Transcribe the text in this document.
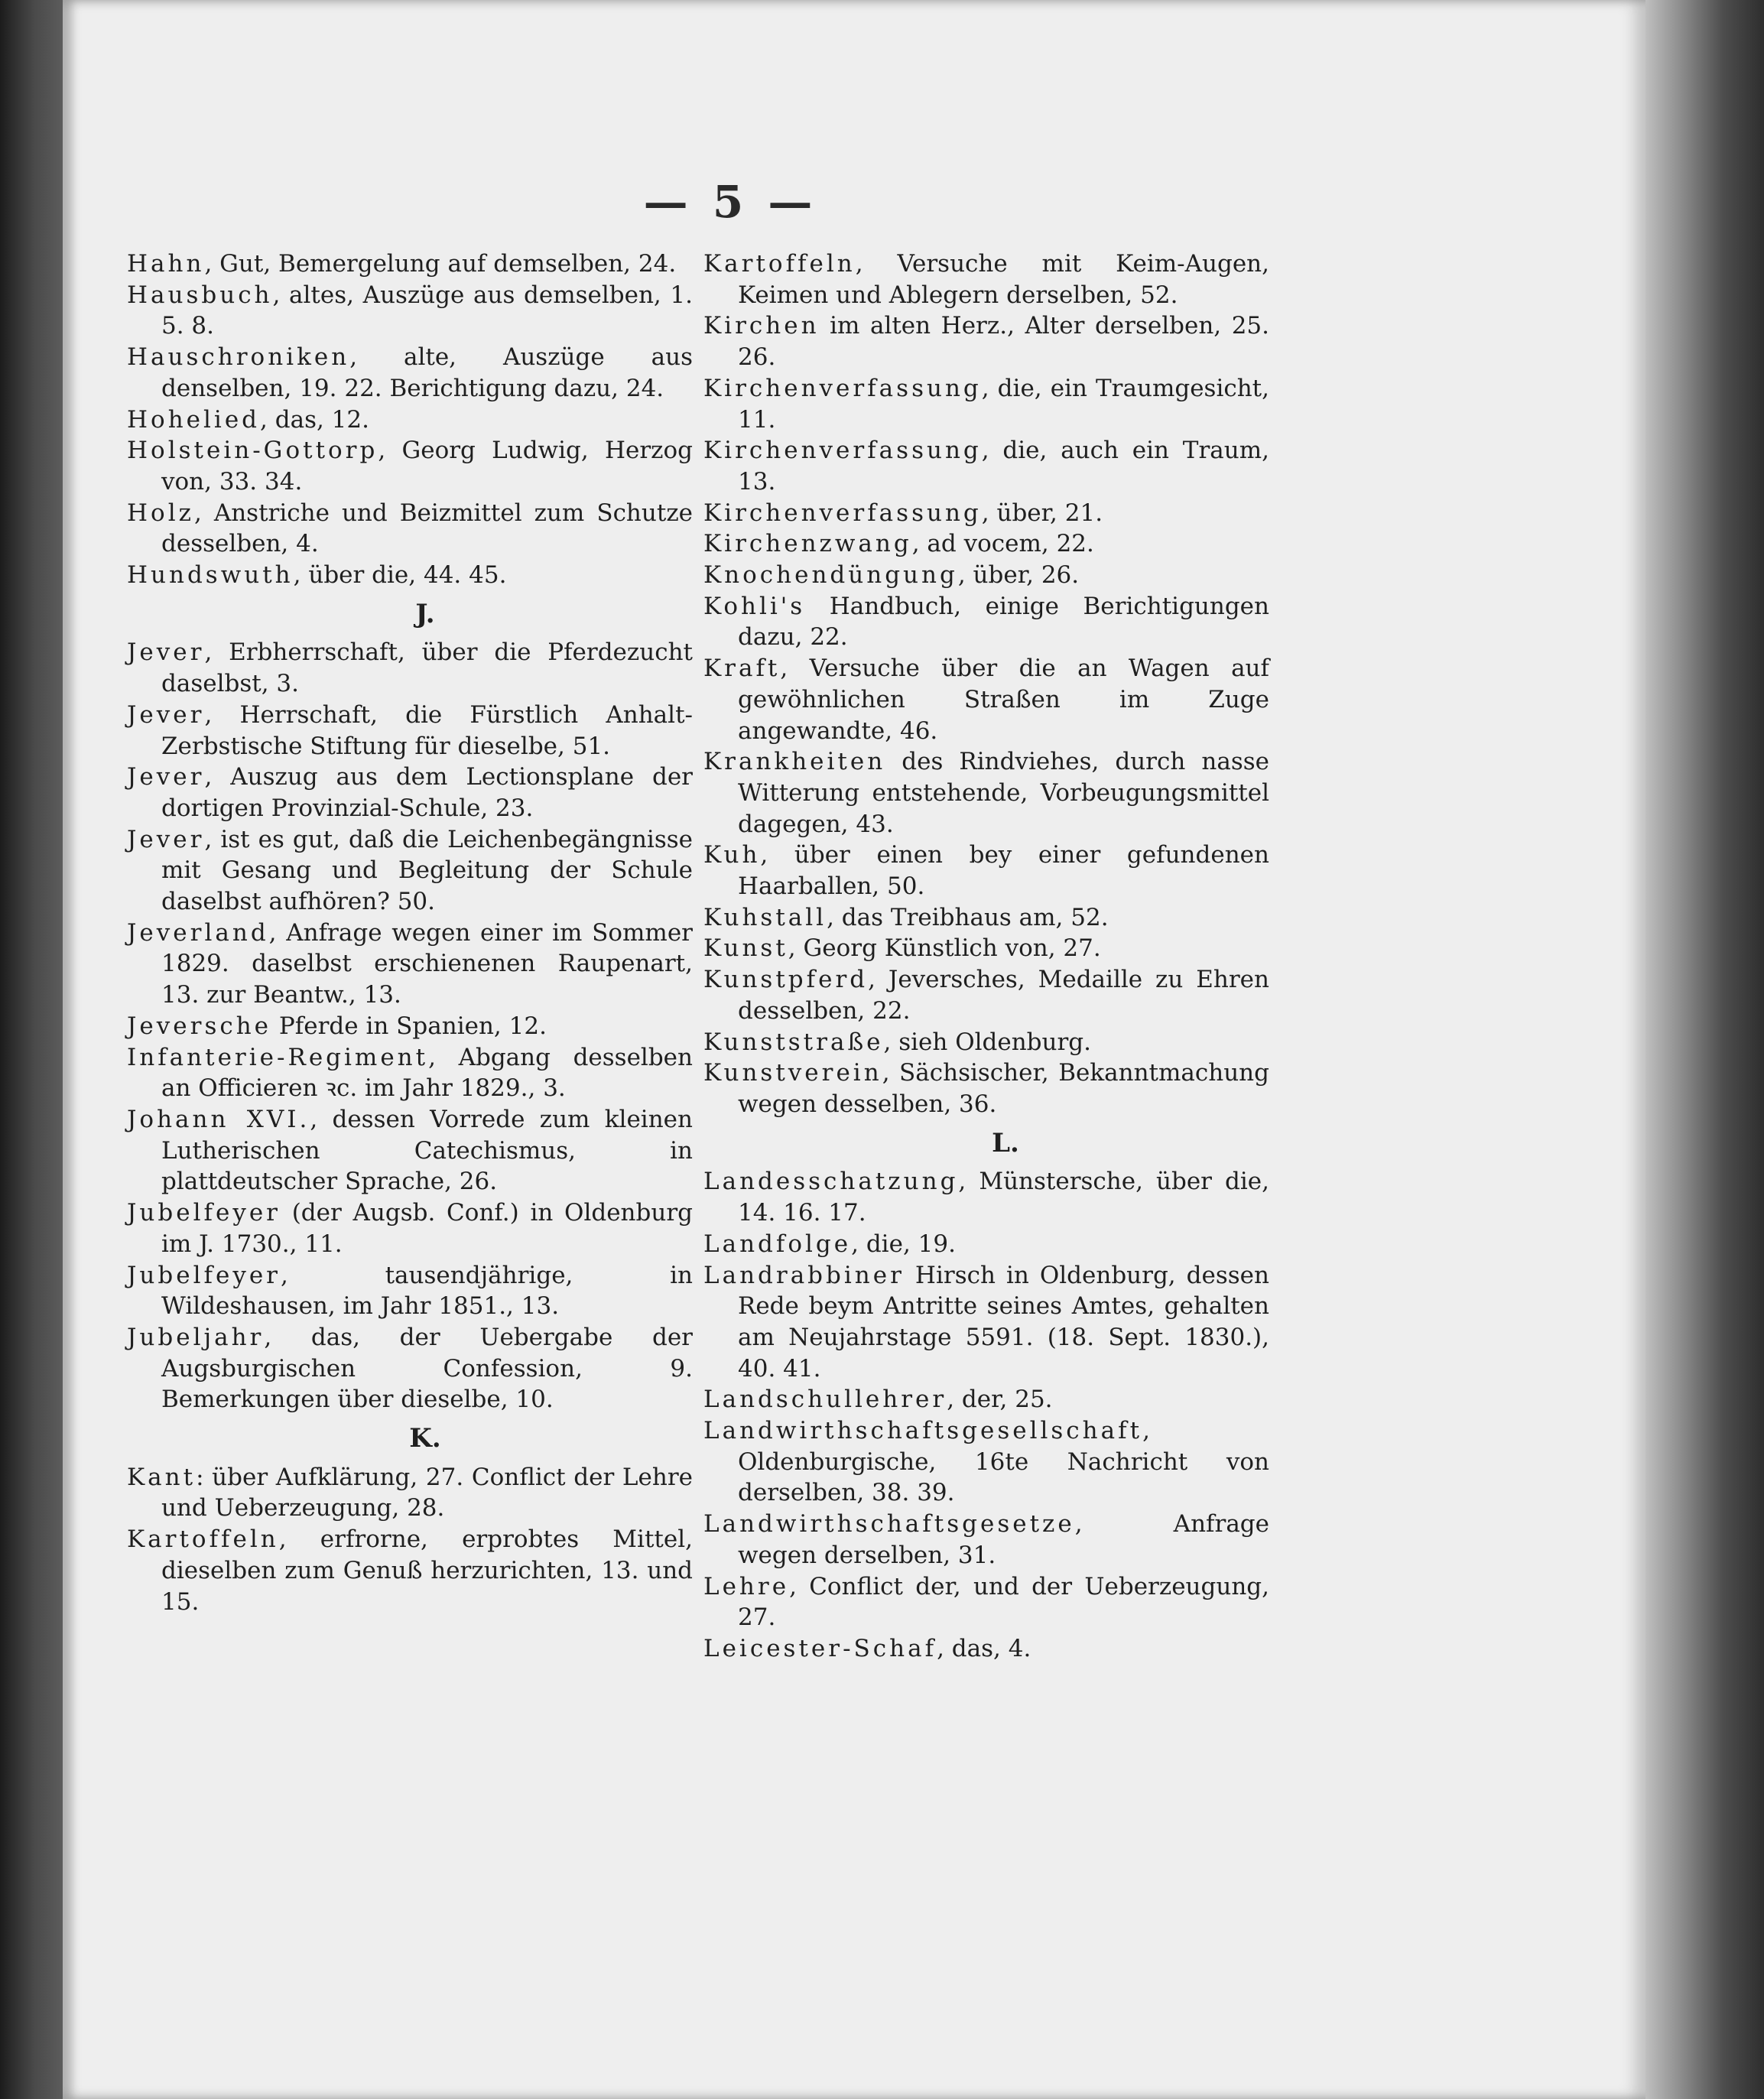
— 5 —
Hahn, Gut, Bemergelung auf demselben, 24.
Hausbuch, altes, Auszüge aus demselben, 1. 5. 8.
Hauschroniken, alte, Auszüge aus denselben, 19. 22. Berichtigung dazu, 24.
Hohelied, das, 12.
Holstein-Gottorp, Georg Ludwig, Herzog von, 33. 34.
Holz, Anstriche und Beizmittel zum Schutze desselben, 4.
Hundswuth, über die, 44. 45.
J.
Jever, Erbherrschaft, über die Pferdezucht daselbst, 3.
Jever, Herrschaft, die Fürstlich Anhalt-Zerbstische Stiftung für dieselbe, 51.
Jever, Auszug aus dem Lectionsplane der dortigen Provinzial-Schule, 23.
Jever, ist es gut, daß die Leichenbegängnisse mit Gesang und Begleitung der Schule daselbst aufhören? 50.
Jeverland, Anfrage wegen einer im Sommer 1829. daselbst erschienenen Raupenart, 13. zur Beantw., 13.
Jeversche Pferde in Spanien, 12.
Infanterie-Regiment, Abgang desselben an Officieren ꝛc. im Jahr 1829., 3.
Johann XVI., dessen Vorrede zum kleinen Lutherischen Catechismus, in plattdeutscher Sprache, 26.
Jubelfeyer (der Augsb. Conf.) in Oldenburg im J. 1730., 11.
Jubelfeyer, tausendjährige, in Wildeshausen, im Jahr 1851., 13.
Jubeljahr, das, der Uebergabe der Augsburgischen Confession, 9. Bemerkungen über dieselbe, 10.
K.
Kant: über Aufklärung, 27. Conflict der Lehre und Ueberzeugung, 28.
Kartoffeln, erfrorne, erprobtes Mittel, dieselben zum Genuß herzurichten, 13. und 15.
Kartoffeln, Versuche mit Keim-Augen, Keimen und Ablegern derselben, 52.
Kirchen im alten Herz., Alter derselben, 25. 26.
Kirchenverfassung, die, ein Traumgesicht, 11.
Kirchenverfassung, die, auch ein Traum, 13.
Kirchenverfassung, über, 21.
Kirchenzwang, ad vocem, 22.
Knochendüngung, über, 26.
Kohli's Handbuch, einige Berichtigungen dazu, 22.
Kraft, Versuche über die an Wagen auf gewöhnlichen Straßen im Zuge angewandte, 46.
Krankheiten des Rindviehes, durch nasse Witterung entstehende, Vorbeugungsmittel dagegen, 43.
Kuh, über einen bey einer gefundenen Haarballen, 50.
Kuhstall, das Treibhaus am, 52.
Kunst, Georg Künstlich von, 27.
Kunstpferd, Jeversches, Medaille zu Ehren desselben, 22.
Kunststraße, sieh Oldenburg.
Kunstverein, Sächsischer, Bekanntmachung wegen desselben, 36.
L.
Landesschatzung, Münstersche, über die, 14. 16. 17.
Landfolge, die, 19.
Landrabbiner Hirsch in Oldenburg, dessen Rede beym Antritte seines Amtes, gehalten am Neujahrstage 5591. (18. Sept. 1830.), 40. 41.
Landschullehrer, der, 25.
Landwirthschaftsgesellschaft, Oldenburgische, 16te Nachricht von derselben, 38. 39.
Landwirthschaftsgesetze, Anfrage wegen derselben, 31.
Lehre, Conflict der, und der Ueberzeugung, 27.
Leicester-Schaf, das, 4.
